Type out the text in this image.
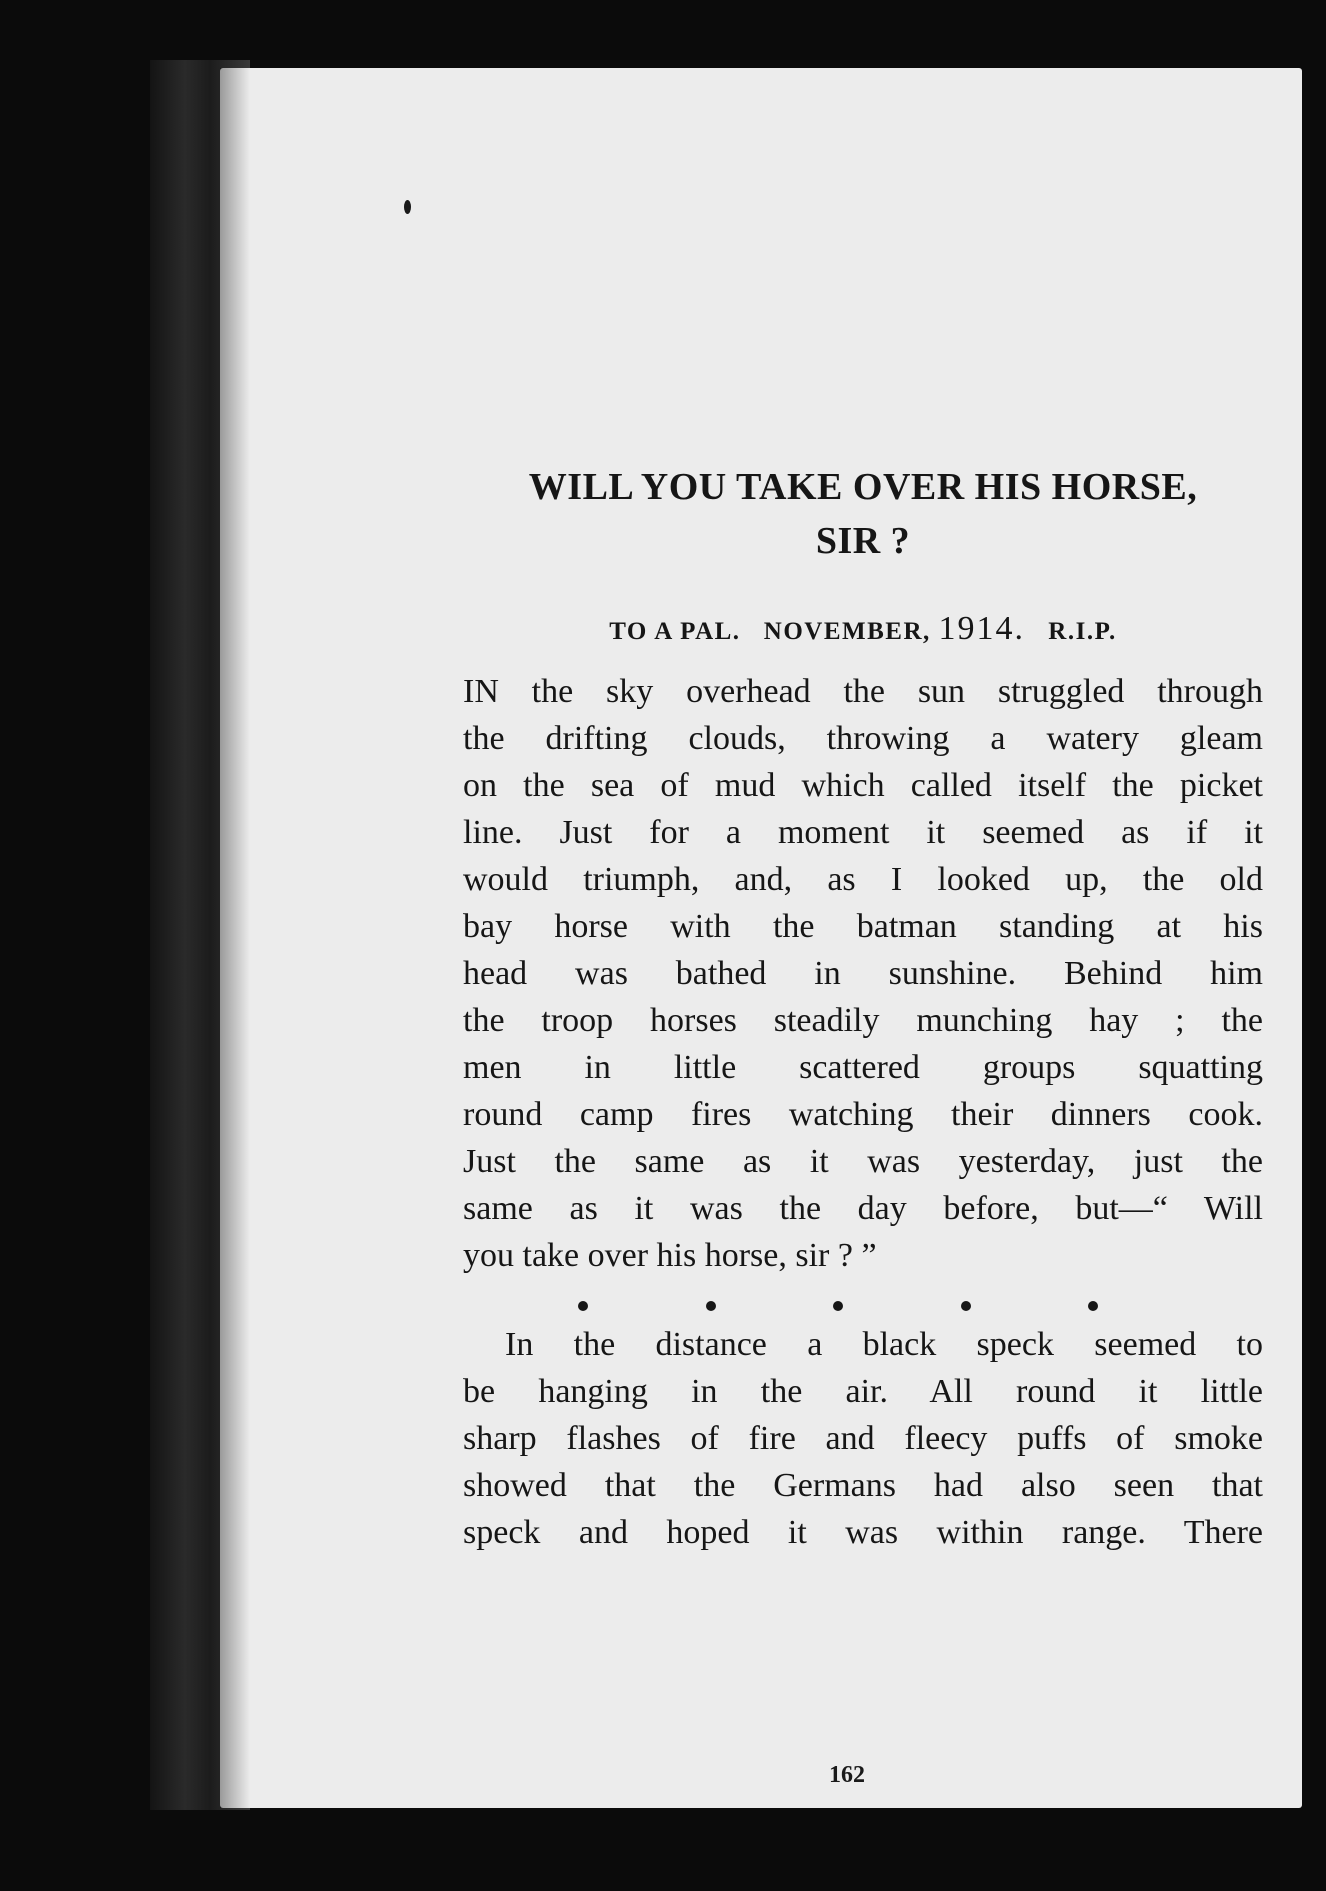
WILL YOU TAKE OVER HIS HORSE,
SIR ?
TO A PAL. NOVEMBER, 1914. R.I.P.
IN the sky overhead the sun struggled through
the drifting clouds, throwing a watery gleam
on the sea of mud which called itself the picket
line. Just for a moment it seemed as if it
would triumph, and, as I looked up, the old
bay horse with the batman standing at his
head was bathed in sunshine. Behind him
the troop horses steadily munching hay ; the
men in little scattered groups squatting
round camp fires watching their dinners cook.
Just the same as it was yesterday, just the
same as it was the day before, but—“ Will
you take over his horse, sir ? ”
In the distance a black speck seemed to
be hanging in the air. All round it little
sharp flashes of fire and fleecy puffs of smoke
showed that the Germans had also seen that
speck and hoped it was within range. There
162
